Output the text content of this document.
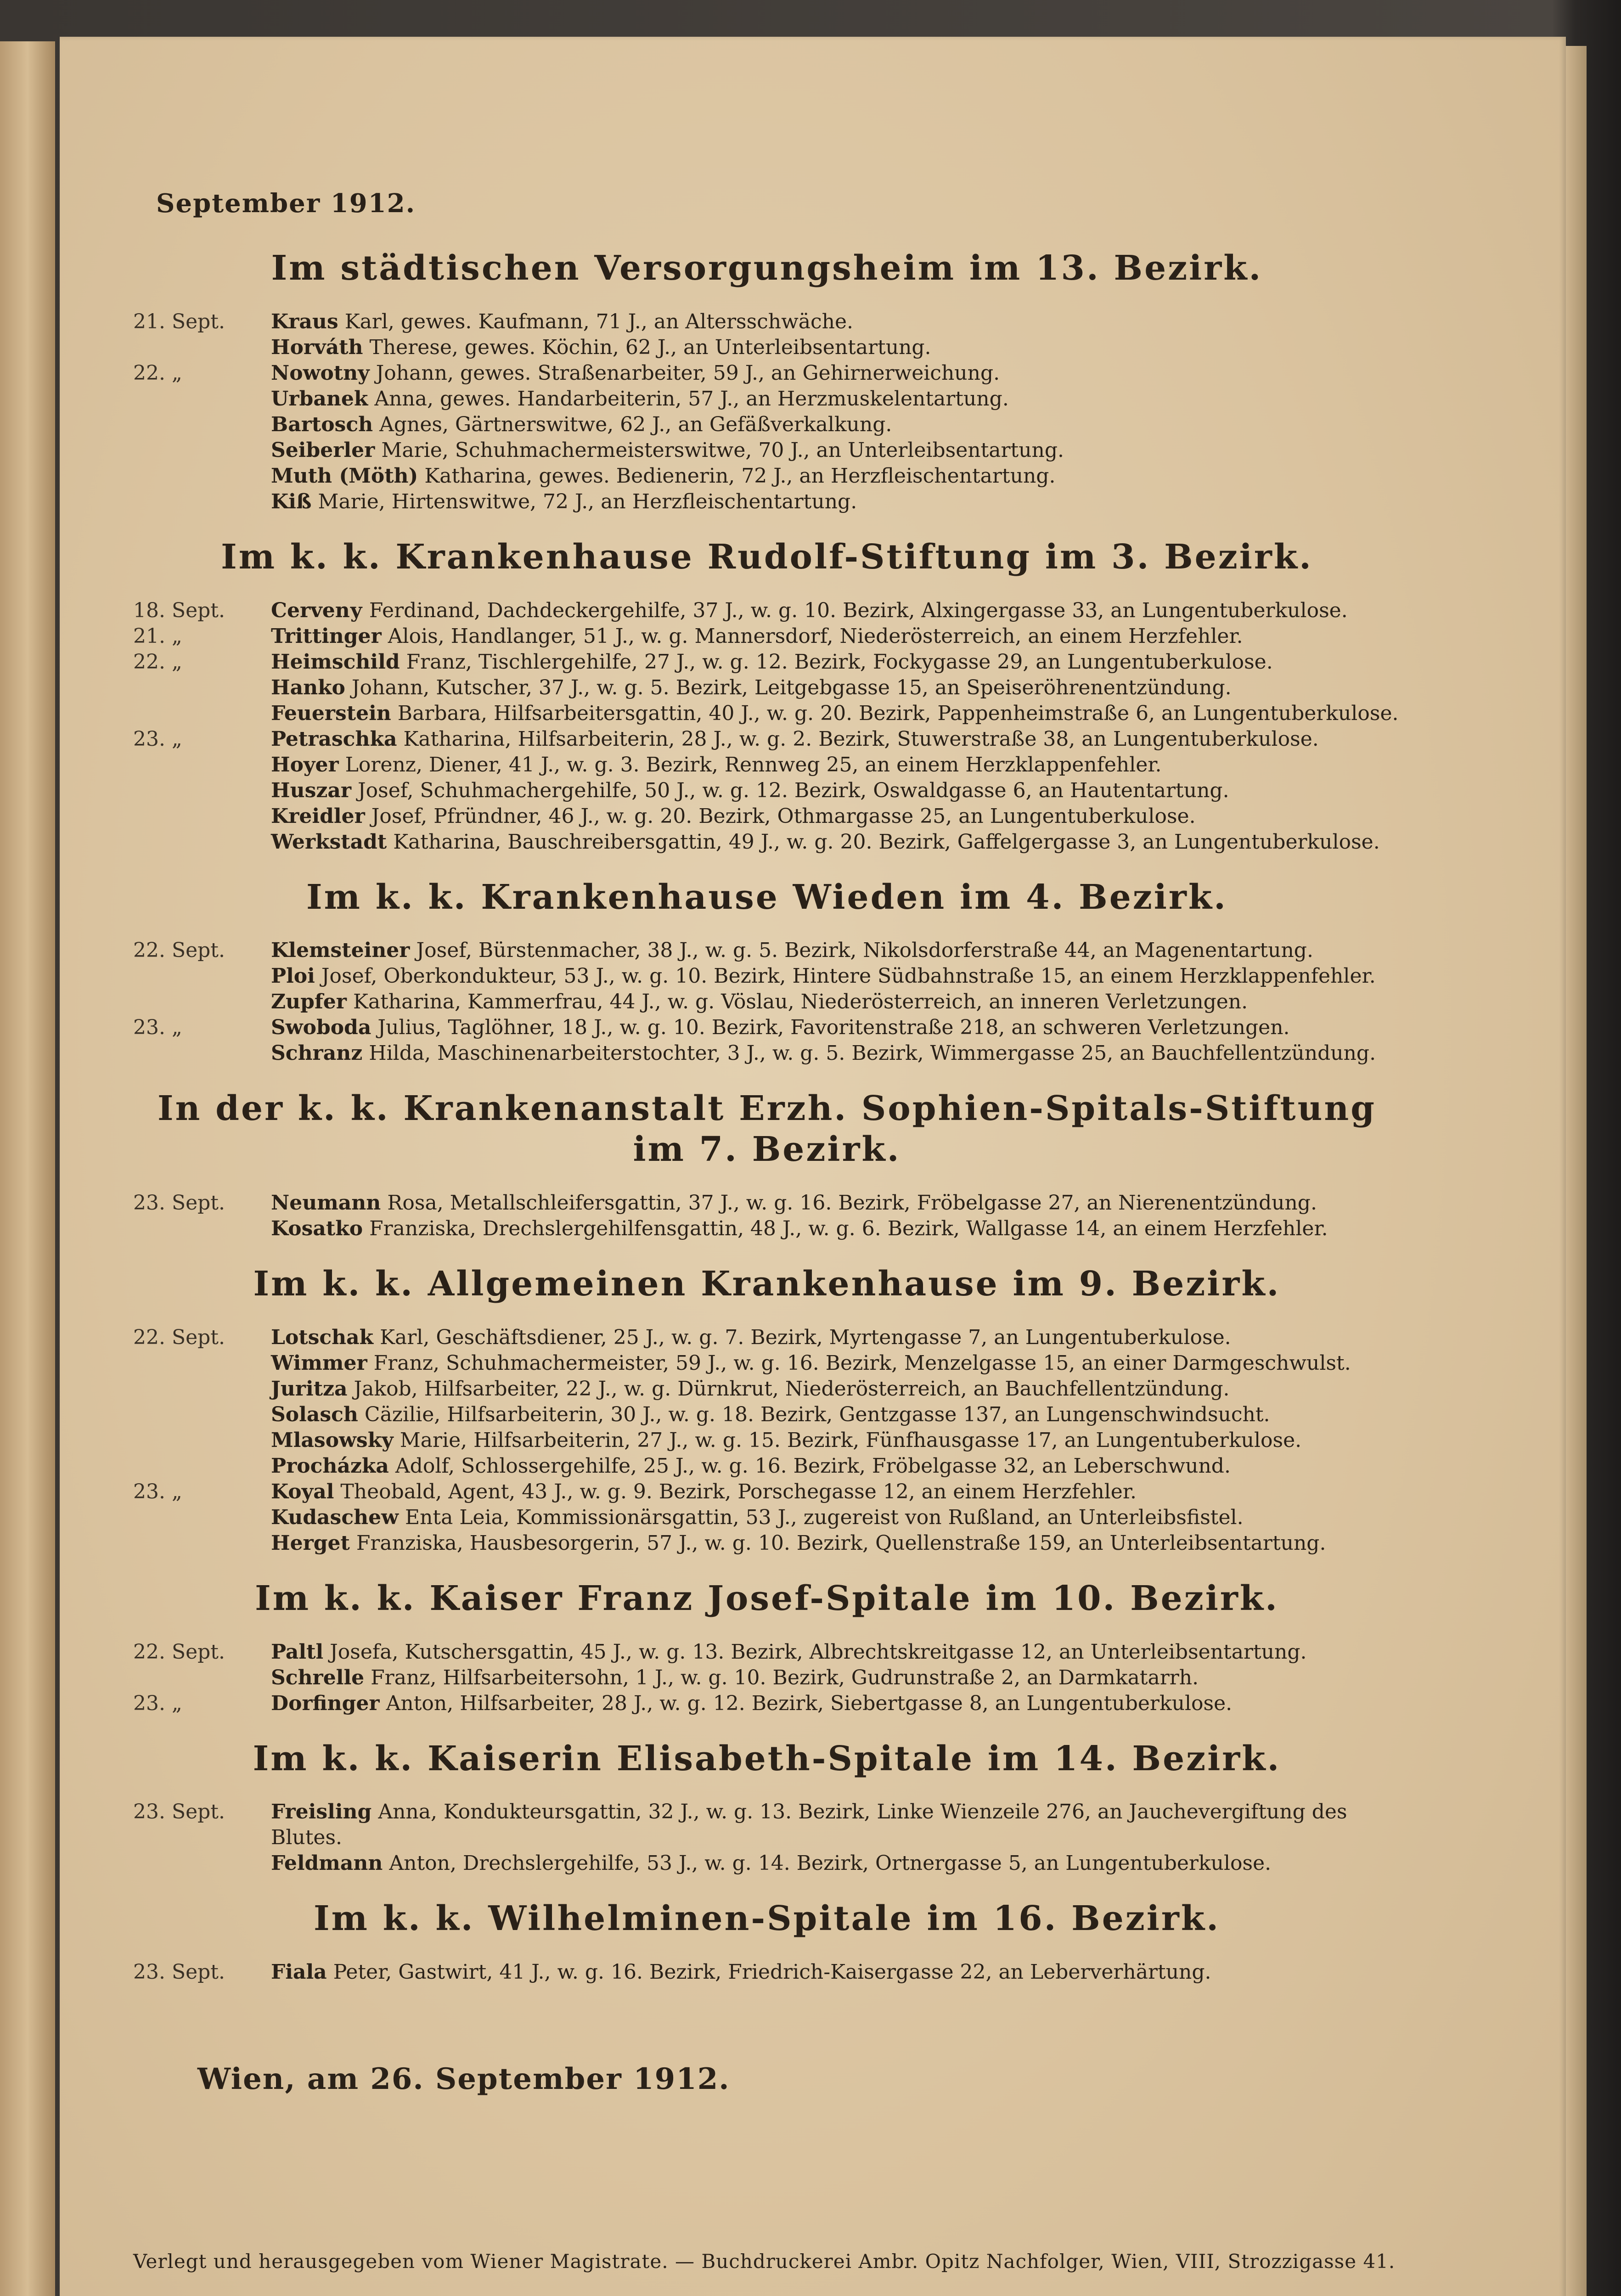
September 1912.
Im städtischen Versorgungsheim im 13. Bezirk.
21. Sept.	Kraus Karl, gewes. Kaufmann, 71 J., an Altersschwäche.
Horváth Therese, gewes. Köchin, 62 J., an Unterleibsentartung.
22. „	Nowotny Johann, gewes. Straßenarbeiter, 59 J., an Gehirnerweichung.
Urbanek Anna, gewes. Handarbeiterin, 57 J., an Herzmuskelentartung.
Bartosch Agnes, Gärtnerswitwe, 62 J., an Gefäßverkalkung.
Seiberler Marie, Schuhmachermeisterswitwe, 70 J., an Unterleibsentartung.
Muth (Möth) Katharina, gewes. Bedienerin, 72 J., an Herzfleischentartung.
Kiß Marie, Hirtenswitwe, 72 J., an Herzfleischentartung.
Im k. k. Krankenhause Rudolf-Stiftung im 3. Bezirk.
18. Sept.	Cervenу Ferdinand, Dachdeckergehilfe, 37 J., w. g. 10. Bezirk, Alxingergasse 33, an Lungentuberkulose.
21. „	Trittinger Alois, Handlanger, 51 J., w. g. Mannersdorf, Niederösterreich, an einem Herzfehler.
22. „	Heimschild Franz, Tischlergehilfe, 27 J., w. g. 12. Bezirk, Fockygasse 29, an Lungentuberkulose.
Hanko Johann, Kutscher, 37 J., w. g. 5. Bezirk, Leitgebgasse 15, an Speiseröhrenentzündung.
Feuerstein Barbara, Hilfsarbeitersgattin, 40 J., w. g. 20. Bezirk, Pappenheimstraße 6, an Lungentuberkulose.
23. „	Petraschka Katharina, Hilfsarbeiterin, 28 J., w. g. 2. Bezirk, Stuwerstraße 38, an Lungentuberkulose.
Hoyer Lorenz, Diener, 41 J., w. g. 3. Bezirk, Rennweg 25, an einem Herzklappenfehler.
Huszar Josef, Schuhmachergehilfe, 50 J., w. g. 12. Bezirk, Oswaldgasse 6, an Hautentartung.
Kreidler Josef, Pfründner, 46 J., w. g. 20. Bezirk, Othmargasse 25, an Lungentuberkulose.
Werkstadt Katharina, Bauschreibersgattin, 49 J., w. g. 20. Bezirk, Gaffelgergasse 3, an Lungentuberkulose.
Im k. k. Krankenhause Wieden im 4. Bezirk.
22. Sept.	Klemsteiner Josef, Bürstenmacher, 38 J., w. g. 5. Bezirk, Nikolsdorferstraße 44, an Magenentartung.
Ploi Josef, Oberkondukteur, 53 J., w. g. 10. Bezirk, Hintere Südbahnstraße 15, an einem Herzklappenfehler.
Zupfer Katharina, Kammerfrau, 44 J., w. g. Vöslau, Niederösterreich, an inneren Verletzungen.
23. „	Swoboda Julius, Taglöhner, 18 J., w. g. 10. Bezirk, Favoritenstraße 218, an schweren Verletzungen.
Schranz Hilda, Maschinenarbeiterstochter, 3 J., w. g. 5. Bezirk, Wimmergasse 25, an Bauchfellentzündung.
In der k. k. Krankenanstalt Erzh. Sophien-Spitals-Stiftung im 7. Bezirk.
23. Sept.	Neumann Rosa, Metallschleifersgattin, 37 J., w. g. 16. Bezirk, Fröbelgasse 27, an Nierenentzündung.
Kosatko Franziska, Drechslergehilfensgattin, 48 J., w. g. 6. Bezirk, Wallgasse 14, an einem Herzfehler.
Im k. k. Allgemeinen Krankenhause im 9. Bezirk.
22. Sept.	Lotschak Karl, Geschäftsdiener, 25 J., w. g. 7. Bezirk, Myrtengasse 7, an Lungentuberkulose.
Wimmer Franz, Schuhmachermeister, 59 J., w. g. 16. Bezirk, Menzelgasse 15, an einer Darmgeschwulst.
Juritza Jakob, Hilfsarbeiter, 22 J., w. g. Dürnkrut, Niederösterreich, an Bauchfellentzündung.
Solasch Cäzilie, Hilfsarbeiterin, 30 J., w. g. 18. Bezirk, Gentzgasse 137, an Lungenschwindsucht.
Mlasowsky Marie, Hilfsarbeiterin, 27 J., w. g. 15. Bezirk, Fünfhausgasse 17, an Lungentuberkulose.
Procházka Adolf, Schlossergehilfe, 25 J., w. g. 16. Bezirk, Fröbelgasse 32, an Leberschwund.
23. „	Koyal Theobald, Agent, 43 J., w. g. 9. Bezirk, Porschegasse 12, an einem Herzfehler.
Kudaschew Enta Leia, Kommissionärsgattin, 53 J., zugereist von Rußland, an Unterleibsfistel.
Herget Franziska, Hausbesorgerin, 57 J., w. g. 10. Bezirk, Quellenstraße 159, an Unterleibsentartung.
Im k. k. Kaiser Franz Josef-Spitale im 10. Bezirk.
22. Sept.	Paltl Josefa, Kutschersgattin, 45 J., w. g. 13. Bezirk, Albrechtskreitgasse 12, an Unterleibsentartung.
Schrelle Franz, Hilfsarbeitersohn, 1 J., w. g. 10. Bezirk, Gudrunstraße 2, an Darmkatarrh.
23. „	Dorfinger Anton, Hilfsarbeiter, 28 J., w. g. 12. Bezirk, Siebertgasse 8, an Lungentuberkulose.
Im k. k. Kaiserin Elisabeth-Spitale im 14. Bezirk.
23. Sept.	Freisling Anna, Kondukteursgattin, 32 J., w. g. 13. Bezirk, Linke Wienzeile 276, an Jauchevergiftung des Blutes.
Feldmann Anton, Drechslergehilfe, 53 J., w. g. 14. Bezirk, Ortnergasse 5, an Lungentuberkulose.
Im k. k. Wilhelminen-Spitale im 16. Bezirk.
23. Sept.	Fiala Peter, Gastwirt, 41 J., w. g. 16. Bezirk, Friedrich-Kaisergasse 22, an Leberverhärtung.
Wien, am 26. September 1912.
Verlegt und herausgegeben vom Wiener Magistrate. — Buchdruckerei Ambr. Opitz Nachfolger, Wien, VIII, Strozzigasse 41.
